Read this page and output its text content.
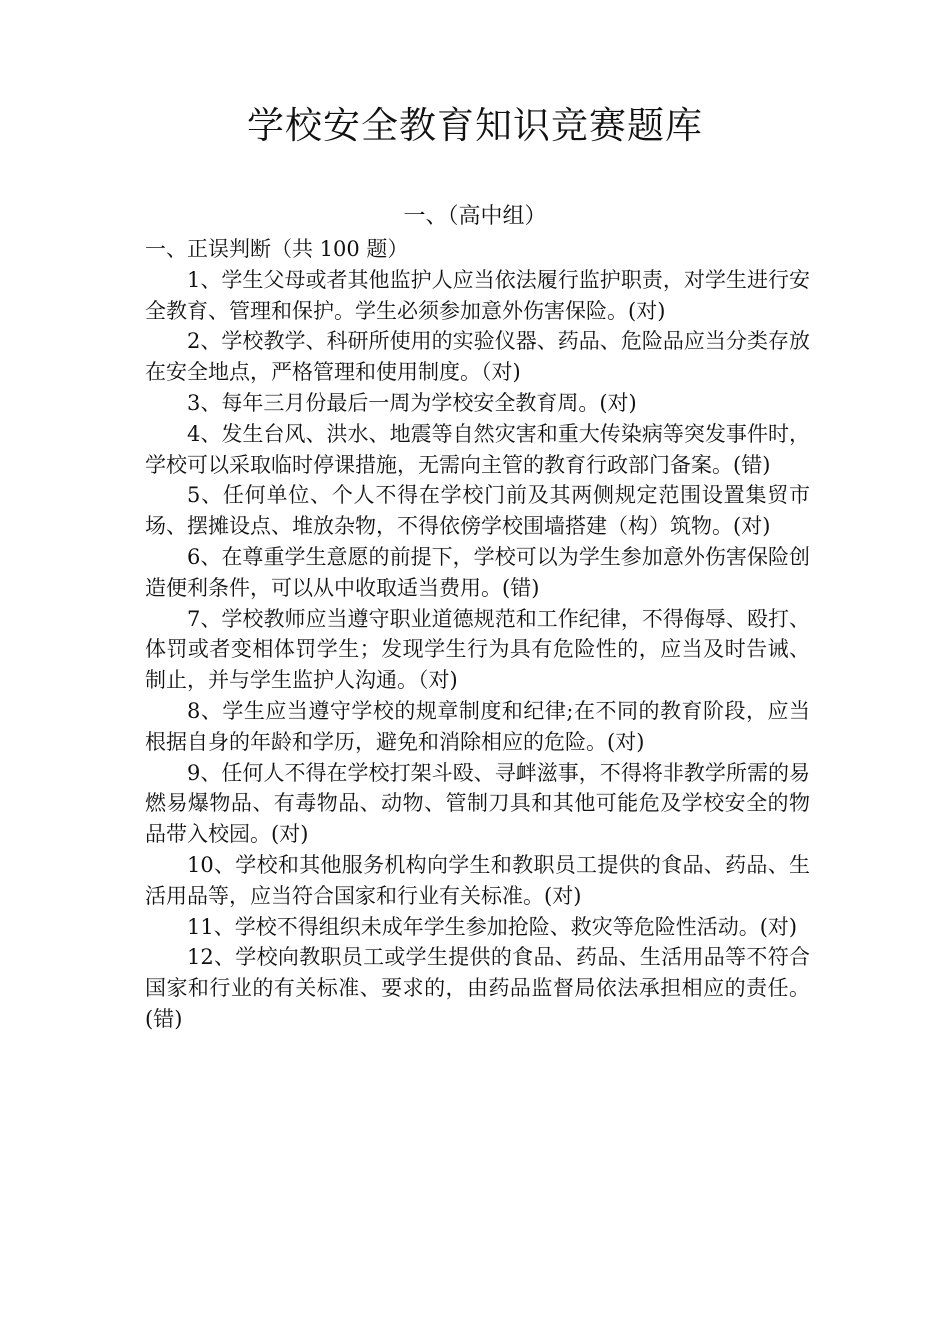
学校安全教育知识竞赛题库
一、（高中组）

一、正误判断（共 100 题）

1、学生父母或者其他监护人应当依法履行监护职责，对学生进行安全教育、管理和保护。学生必须参加意外伤害保险。(对)

2、学校教学、科研所使用的实验仪器、药品、危险品应当分类存放在安全地点，严格管理和使用制度。（对)

3、每年三月份最后一周为学校安全教育周。(对)

4、发生台风、洪水、地震等自然灾害和重大传染病等突发事件时，学校可以采取临时停课措施，无需向主管的教育行政部门备案。(错)

5、任何单位、个人不得在学校门前及其两侧规定范围设置集贸市场、摆摊设点、堆放杂物，不得依傍学校围墙搭建（构）筑物。(对)

6、在尊重学生意愿的前提下，学校可以为学生参加意外伤害保险创造便利条件，可以从中收取适当费用。(错)

7、学校教师应当遵守职业道德规范和工作纪律，不得侮辱、殴打、体罚或者变相体罚学生；发现学生行为具有危险性的，应当及时告诫、制止，并与学生监护人沟通。（对)

8、学生应当遵守学校的规章制度和纪律;在不同的教育阶段，应当根据自身的年龄和学历，避免和消除相应的危险。(对)

9、任何人不得在学校打架斗殴、寻衅滋事，不得将非教学所需的易燃易爆物品、有毒物品、动物、管制刀具和其他可能危及学校安全的物品带入校园。(对)

10、学校和其他服务机构向学生和教职员工提供的食品、药品、生活用品等，应当符合国家和行业有关标准。(对)

11、学校不得组织未成年学生参加抢险、救灾等危险性活动。(对)

12、学校向教职员工或学生提供的食品、药品、生活用品等不符合国家和行业的有关标准、要求的，由药品监督局依法承担相应的责任。(错)
